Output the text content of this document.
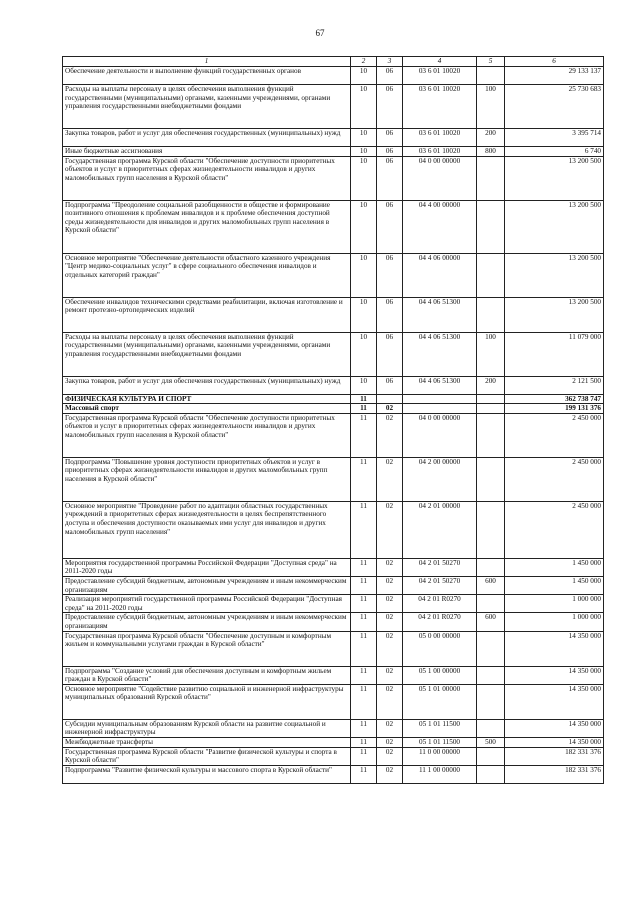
67
1	2	3	4	5	6
Обеспечение деятельности и выполнение функций государственных органов	10	06	03 6 01 10020		29 133 137
Расходы на выплаты персоналу в целях обеспечения выполнения функций государственными (муниципальными) органами, казенными учреждениями, органами управления государственными внебюджетными фондами	10	06	03 6 01 10020	100	25 730 683
Закупка товаров, работ и услуг для обеспечения государственных (муниципальных) нужд	10	06	03 6 01 10020	200	3 395 714
Иные бюджетные ассигнования	10	06	03 6 01 10020	800	6 740
Государственная программа Курской области "Обеспечение доступности приоритетных объектов и услуг в приоритетных сферах жизнедеятельности инвалидов и других маломобильных групп населения в Курской области"	10	06	04 0 00 00000		13 200 500
Подпрограмма "Преодоление социальной разобщенности в обществе и формирование позитивного отношения к проблемам инвалидов и к проблеме обеспечения доступной среды жизнедеятельности для инвалидов и других маломобильных групп населения в Курской области"	10	06	04 4 00 00000		13 200 500
Основное мероприятие "Обеспечение деятельности областного казенного учреждения "Центр медико-социальных услуг" в сфере социального обеспечения инвалидов и отдельных категорий граждан"	10	06	04 4 06 00000		13 200 500
Обеспечение инвалидов техническими средствами реабилитации, включая изготовление и ремонт протезно-ортопедических изделий	10	06	04 4 06 51300		13 200 500
Расходы на выплаты персоналу в целях обеспечения выполнения функций государственными (муниципальными) органами, казенными учреждениями, органами управления государственными внебюджетными фондами	10	06	04 4 06 51300	100	11 079 000
Закупка товаров, работ и услуг для обеспечения государственных (муниципальных) нужд	10	06	04 4 06 51300	200	2 121 500
ФИЗИЧЕСКАЯ КУЛЬТУРА И СПОРТ	11				362 738 747
Массовый спорт	11	02			199 131 376
Государственная программа Курской области "Обеспечение доступности приоритетных объектов и услуг в приоритетных сферах жизнедеятельности инвалидов и других маломобильных групп населения в Курской области"	11	02	04 0 00 00000		2 450 000
Подпрограмма "Повышение уровня доступности приоритетных объектов и услуг в приоритетных сферах жизнедеятельности инвалидов и других маломобильных групп населения в Курской области"	11	02	04 2 00 00000		2 450 000
Основное мероприятие "Проведение работ по адаптации областных государственных учреждений в приоритетных сферах жизнедеятельности в целях беспрепятственного доступа и обеспечения доступности оказываемых ими услуг для инвалидов и других маломобильных групп населения"	11	02	04 2 01 00000		2 450 000
Мероприятия государственной программы Российской Федерации "Доступная среда" на 2011-2020 годы	11	02	04 2 01 50270		1 450 000
Предоставление субсидий бюджетным, автономным учреждениям и иным некоммерческим организациям	11	02	04 2 01 50270	600	1 450 000
Реализация мероприятий государственной программы Российской Федерации "Доступная среда" на 2011-2020 годы	11	02	04 2 01 R0270		1 000 000
Предоставление субсидий бюджетным, автономным учреждениям и иным некоммерческим организациям	11	02	04 2 01 R0270	600	1 000 000
Государственная программа Курской области "Обеспечение доступным и комфортным жильем и коммунальными услугами граждан в Курской области"	11	02	05 0 00 00000		14 350 000
Подпрограмма "Создание условий для обеспечения доступным и комфортным жильем граждан в Курской области"	11	02	05 1 00 00000		14 350 000
Основное мероприятие "Содействие развитию социальной и инженерной инфраструктуры муниципальных образований Курской области"	11	02	05 1 01 00000		14 350 000
Субсидии муниципальным образованиям Курской области на развитие социальной и инженерной инфраструктуры	11	02	05 1 01 11500		14 350 000
Межбюджетные трансферты	11	02	05 1 01 11500	500	14 350 000
Государственная программа Курской области "Развитие физической культуры и спорта в Курской области"	11	02	11 0 00 00000		182 331 376
Подпрограмма "Развитие физической культуры и массового спорта в Курской области"	11	02	11 1 00 00000		182 331 376
